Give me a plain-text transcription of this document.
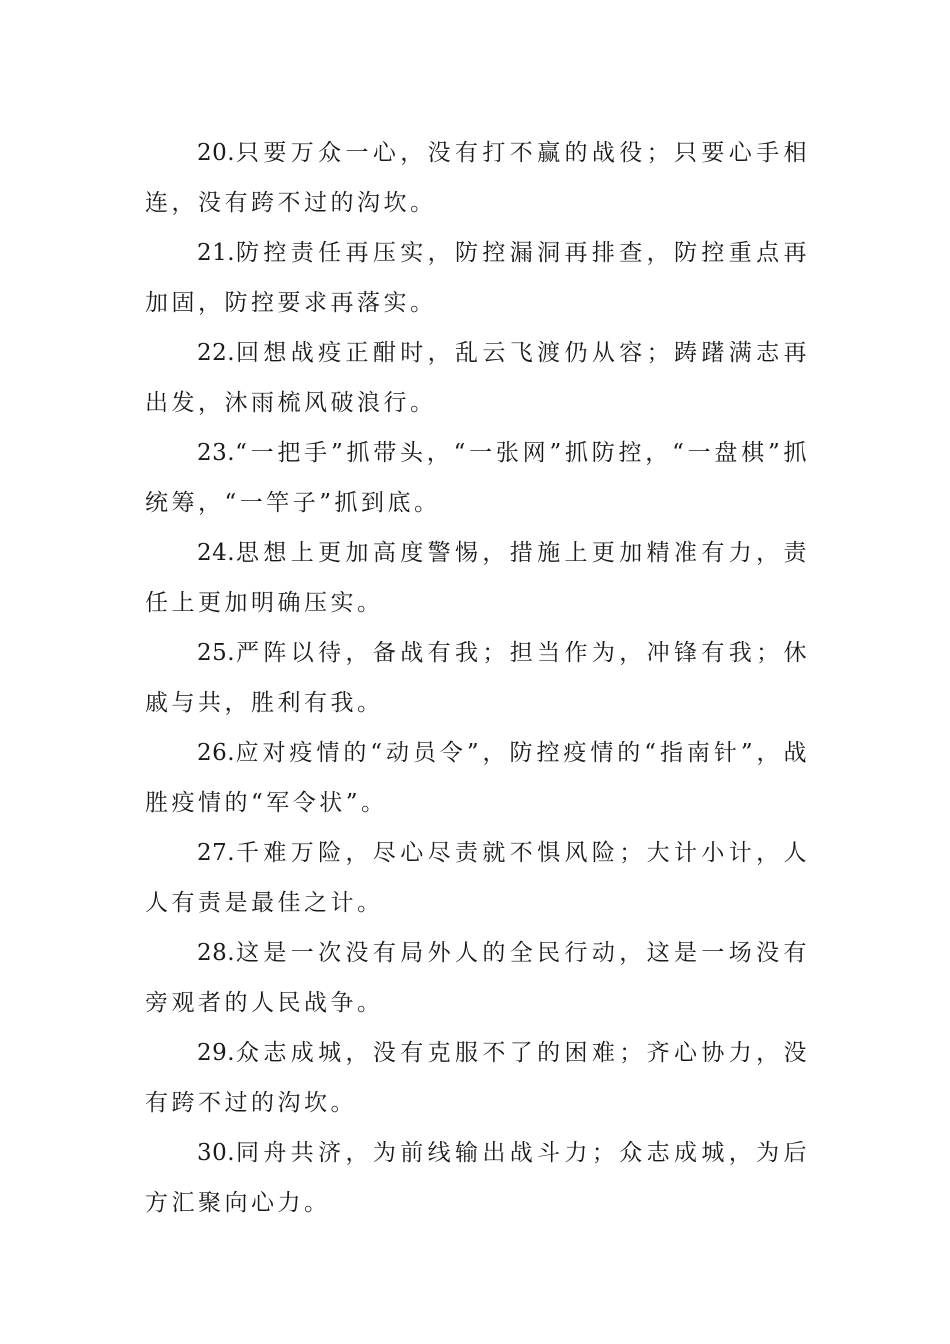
20.只要万众一心，没有打不赢的战役；只要心手相连，没有跨不过的沟坎。

21.防控责任再压实，防控漏洞再排查，防控重点再加固，防控要求再落实。

22.回想战疫正酣时，乱云飞渡仍从容；踌躇满志再出发，沐雨梳风破浪行。

23.“一把手”抓带头，“一张网”抓防控，“一盘棋”抓统筹，“一竿子”抓到底。

24.思想上更加高度警惕，措施上更加精准有力，责任上更加明确压实。

25.严阵以待，备战有我；担当作为，冲锋有我；休戚与共，胜利有我。

26.应对疫情的“动员令”，防控疫情的“指南针”，战胜疫情的“军令状”。

27.千难万险，尽心尽责就不惧风险；大计小计，人人有责是最佳之计。

28.这是一次没有局外人的全民行动，这是一场没有旁观者的人民战争。

29.众志成城，没有克服不了的困难；齐心协力，没有跨不过的沟坎。

30.同舟共济，为前线输出战斗力；众志成城，为后方汇聚向心力。
